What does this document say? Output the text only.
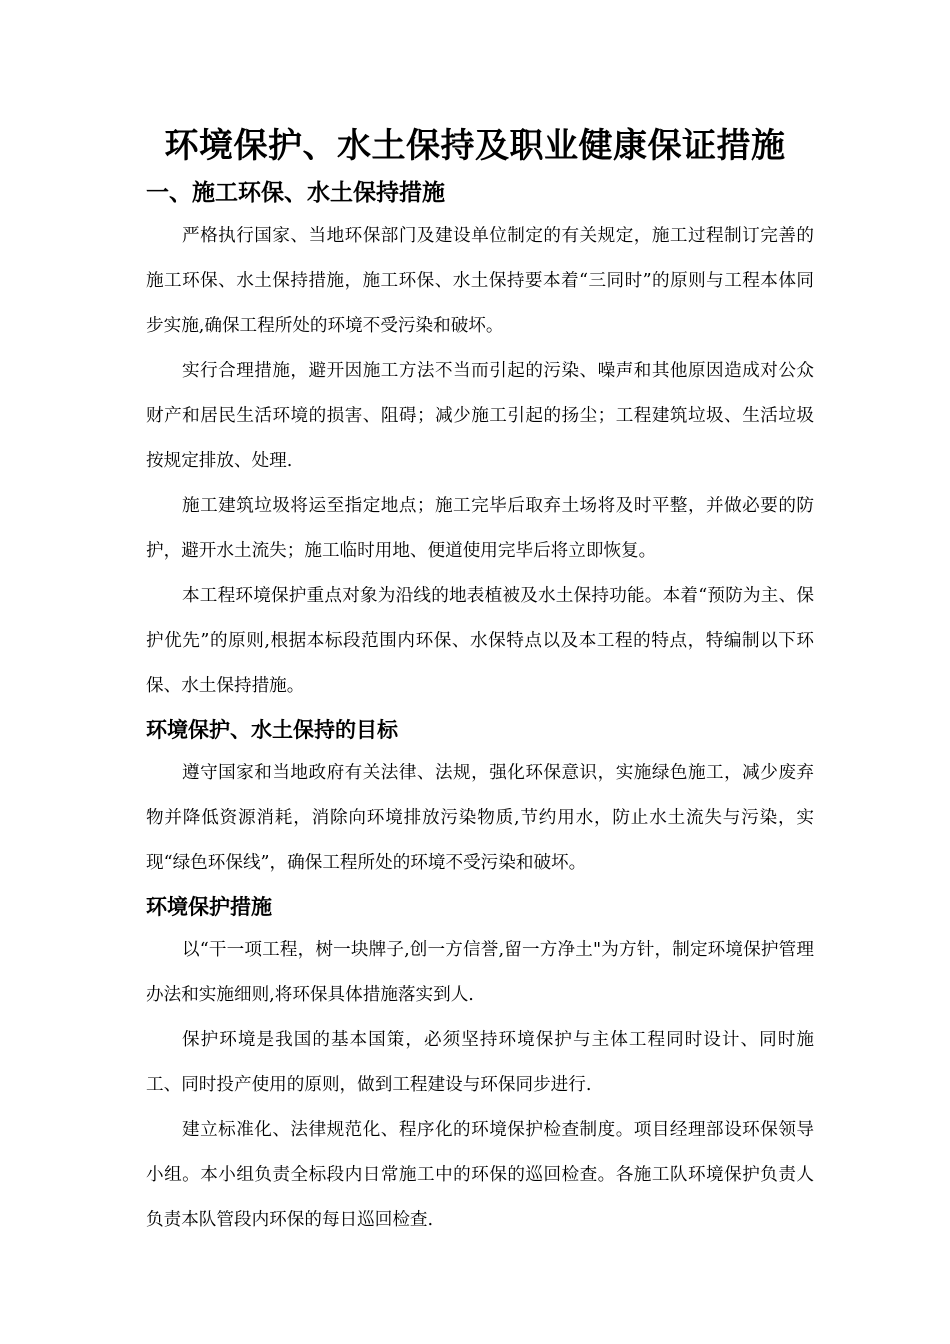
环境保护、水土保持及职业健康保证措施
一、施工环保、水土保持措施

严格执行国家、当地环保部门及建设单位制定的有关规定，施工过程制订完善的施工环保、水土保持措施，施工环保、水土保持要本着“三同时”的原则与工程本体同步实施,确保工程所处的环境不受污染和破坏。

实行合理措施，避开因施工方法不当而引起的污染、噪声和其他原因造成对公众财产和居民生活环境的损害、阻碍；减少施工引起的扬尘；工程建筑垃圾、生活垃圾按规定排放、处理.

施工建筑垃圾将运至指定地点；施工完毕后取弃土场将及时平整，并做必要的防护，避开水土流失；施工临时用地、便道使用完毕后将立即恢复。

本工程环境保护重点对象为沿线的地表植被及水土保持功能。本着“预防为主、保护优先”的原则,根据本标段范围内环保、水保特点以及本工程的特点，特编制以下环保、水土保持措施。

环境保护、水土保持的目标

遵守国家和当地政府有关法律、法规，强化环保意识，实施绿色施工，减少废弃物并降低资源消耗，消除向环境排放污染物质,节约用水，防止水土流失与污染，实现“绿色环保线”，确保工程所处的环境不受污染和破坏。

环境保护措施

以“干一项工程，树一块牌子,创一方信誉,留一方净土"为方针，制定环境保护管理办法和实施细则,将环保具体措施落实到人.

保护环境是我国的基本国策，必须坚持环境保护与主体工程同时设计、同时施工、同时投产使用的原则，做到工程建设与环保同步进行.

建立标准化、法律规范化、程序化的环境保护检查制度。项目经理部设环保领导小组。本小组负责全标段内日常施工中的环保的巡回检查。各施工队环境保护负责人负责本队管段内环保的每日巡回检查.
